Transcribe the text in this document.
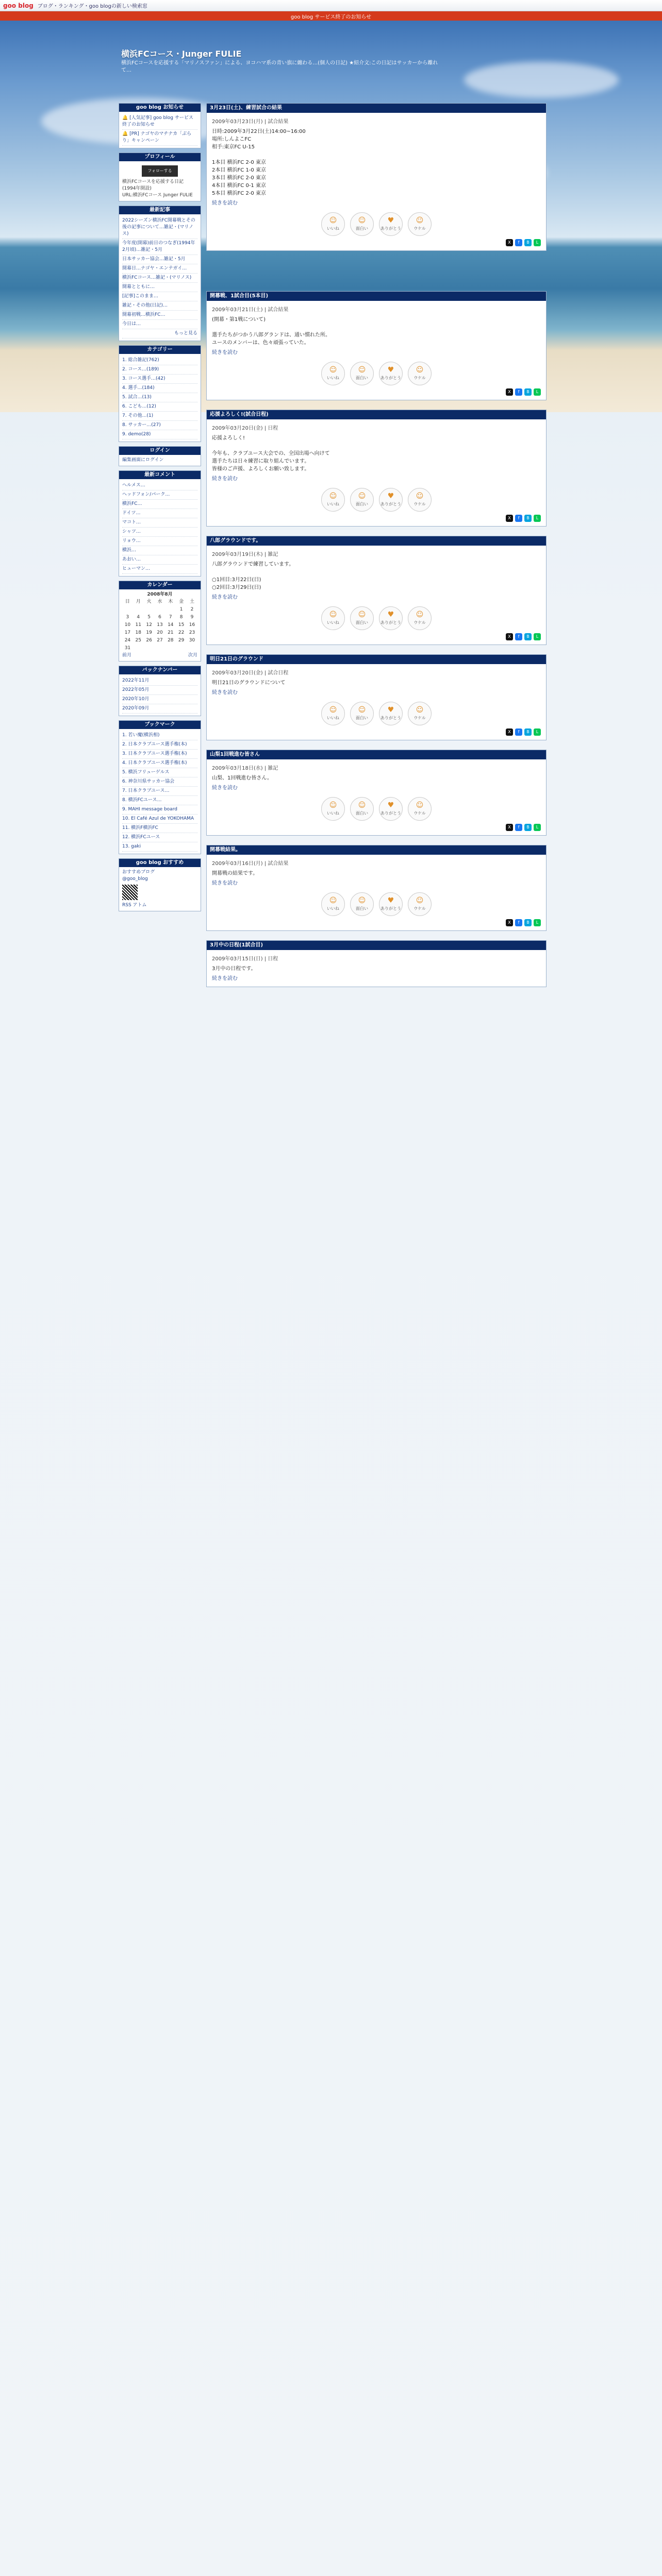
goo blog ブログ・ランキング・goo blogの新しい検索窓
goo blog サービス終了のお知らせ
横浜FCコース・Junger FULIE
横浜FCコースを応援する「マリノスファン」による、ヨコハマ系の青い旗に纏わる…(個人の日記) ★紹介文:この日記はサッカーから離れて…
goo blog お知らせ
🔔 [人気記事] goo blog サービス終了のお知らせ
🔔 [PR] ナゴヤのマチナカ「ぶらり」キャンペーン
プロフィール
フォローする
横浜FCコースを応援する日記 (1994年開設)
URL:横浜FCコース Junger FULIE
最新記事
2022シーズン横浜FC開幕戦とその後の記事について…雑記・(マリノス)
今年度(開幕)前日のつなぎ(1994年2月頃)…雑記・5月
日本サッカー協会…雑記・5月
開幕日…ナゴヤ・エンテガイ…
横浜FCコース…雑記・(マリノス)
開幕とともに…
[記事]このまま…
雑記・その他(日記)…
開幕初戦…横浜FC…
今日は…
もっと見る
カテゴリー
1. 総合雑記(762)
2. コース…(189)
3. コース選手…(42)
4. 選手…(184)
5. 試合…(13)
6. こども…(12)
7. その他…(1)
8. サッカー…(27)
9. demo(28)
ログイン
編集画面にログイン
最新コメント
ヘルメス…
ヘッドフォン/パーク…
横浜FC…
ドイツ…
マコト…
シャツ…
リョウ…
横浜…
あおい…
ヒューマン…
カレンダー
2008年8月
日	月	火	水	木	金	土
					1	2
3	4	5	6	7	8	9
10	11	12	13	14	15	16
17	18	19	20	21	22	23
24	25	26	27	28	29	30
31						
前月	次月
バックナンバー
2022年11月
2022年05月
2020年10月
2020年09月
ブックマーク
1. 若い魔(横浜相)
2. 日本クラブユース選手権(本)
3. 日本クラブユース選手権(本)
4. 日本クラブユース選手権(本)
5. 横浜フリューゲルス
6. 神奈川県サッカー協会
7. 日本クラブユース…
8. 横浜FCユース…
9. MAHI message board
10. El Café Azul de YOKOHAMA
11. 横浜F横浜FC
12. 横浜FCユース
13. gaki
goo blog おすすめ
おすすめブログ
@goo_blog
RSS アトム
3月23日(土)、練習試合の結果

2009年03月23日(月) | 試合結果

日時:2009年3月22日(土)14:00~16:00
場所:しんよこFC
相手:東京FC U-15

1本目 横浜FC 2-0 東京
2本目 横浜FC 1-0 東京
3本目 横浜FC 2-0 東京
4本目 横浜FC 0-1 東京
5本目 横浜FC 2-0 東京

続きを読む
☺
いいね
☺
面白い
♥
ありがとう
☺
ウケル
X	f	B	L
開幕戦、1試合目(5本目)

2009年03月21日(土) | 試合結果

(開幕・第1戦について)

選手たちがつかう八郎グランドは、通い慣れた所。
ユースのメンバーは、色々頑張っていた。

続きを読む
☺
いいね
☺
面白い
♥
ありがとう
☺
ウケル
X	f	B	L
応援よろしく!(試合日程)

2009年03月20日(金) | 日程

応援よろしく!

今年も、クラブユース大会での、全国出場へ向けて
選手たちは日々練習に取り組んでいます。
皆様のご声援、よろしくお願い致します。

続きを読む
☺
いいね
☺
面白い
♥
ありがとう
☺
ウケル
X	f	B	L
八郎グラウンドです。

2009年03月19日(木) | 雑記

八郎グラウンドで練習しています。

○1回目:3月22日(日)
○2回目:3月29日(日)

続きを読む
☺
いいね
☺
面白い
♥
ありがとう
☺
ウケル
X	f	B	L
明日21日のグラウンド

2009年03月20日(金) | 試合日程

明日21日のグラウンドについて

続きを読む
☺
いいね
☺
面白い
♥
ありがとう
☺
ウケル
X	f	B	L
山梨1回戦進む皆さん

2009年03月18日(水) | 雑記

山梨、1回戦進む皆さん。

続きを読む
☺
いいね
☺
面白い
♥
ありがとう
☺
ウケル
X	f	B	L
開幕戦結果。

2009年03月16日(月) | 試合結果

開幕戦の結果です。

続きを読む
☺
いいね
☺
面白い
♥
ありがとう
☺
ウケル
X	f	B	L
3月中の日程(1試合目)

2009年03月15日(日) | 日程

3月中の日程です。

続きを読む
